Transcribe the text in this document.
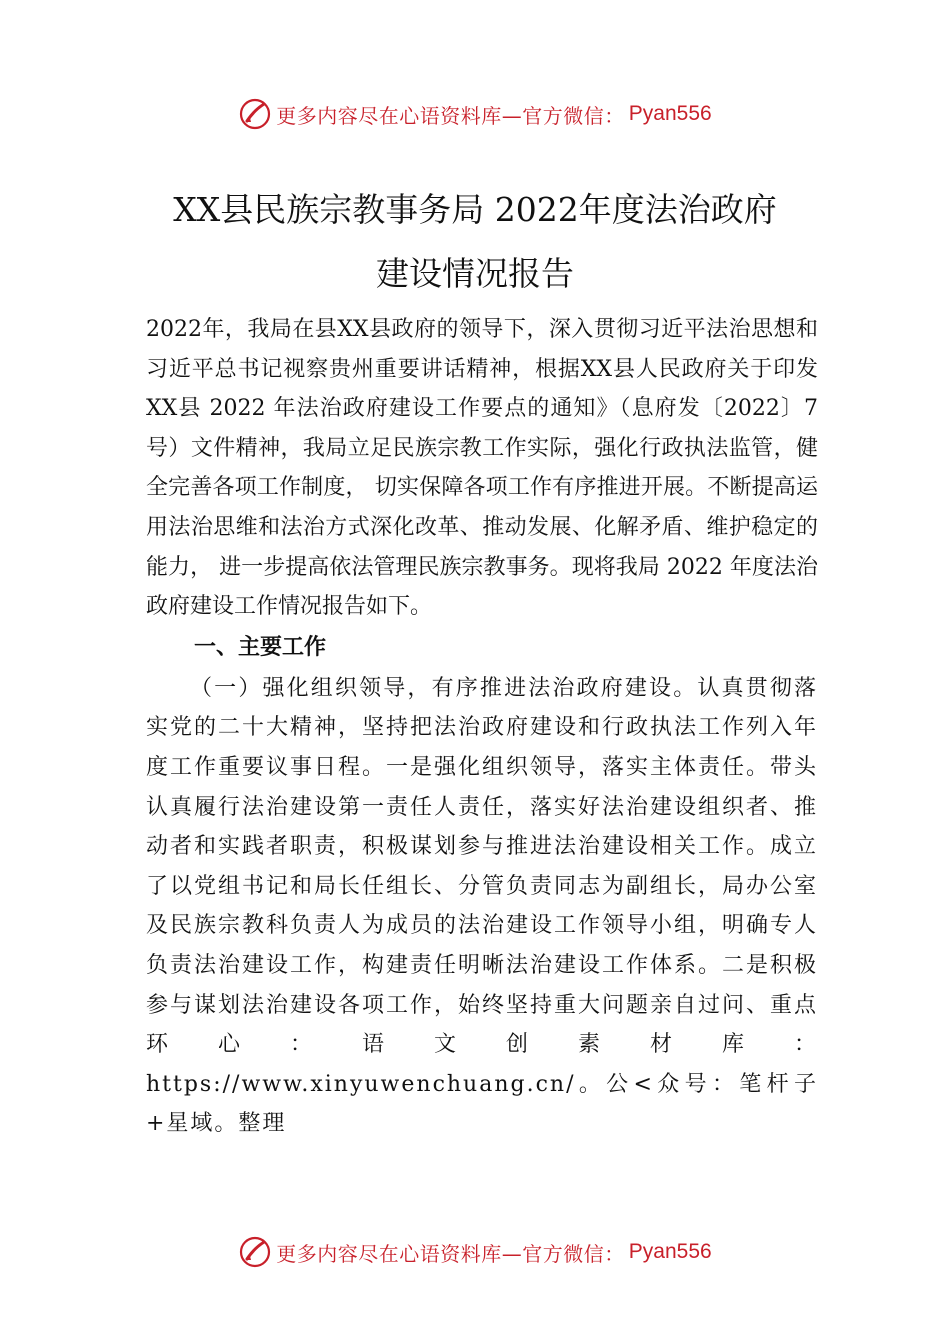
更多内容尽在心语资料库—官方微信： Pyan556
XX县民族宗教事务局 2022年度法治政府
建设情况报告

2022年，我局在县XX县政府的领导下，深入贯彻习近平法治思想和习近平总书记视察贵州重要讲话精神，根据XX县人民政府关于印发XX县 2022 年法治政府建设工作要点的通知》（息府发〔2022〕7号）文件精神，我局立足民族宗教工作实际，强化行政执法监管，健全完善各项工作制度， 切实保障各项工作有序推进开展。不断提高运用法治思维和法治方式深化改革、推动发展、化解矛盾、维护稳定的能力， 进一步提高依法管理民族宗教事务。现将我局 2022 年度法治政府建设工作情况报告如下。

一、主要工作

（一）强化组织领导，有序推进法治政府建设。认真贯彻落实党的二十大精神，坚持把法治政府建设和行政执法工作列入年度工作重要议事日程。一是强化组织领导，落实主体责任。带头认真履行法治建设第一责任人责任，落实好法治建设组织者、推动者和实践者职责，积极谋划参与推进法治建设相关工作。成立了以党组书记和局长任组长、分管负责同志为副组长，局办公室及民族宗教科负责人为成员的法治建设工作领导小组，明确专人负责法治建设工作，构建责任明晰法治建设工作体系。二是积极参与谋划法治建设各项工作，始终坚持重大问题亲自过问、重点环心：语文创素材库：https://www.xinyuwenchuang.cn/。公<众号：笔杆子+星域。整理

更多内容尽在心语资料库—官方微信： Pyan556
